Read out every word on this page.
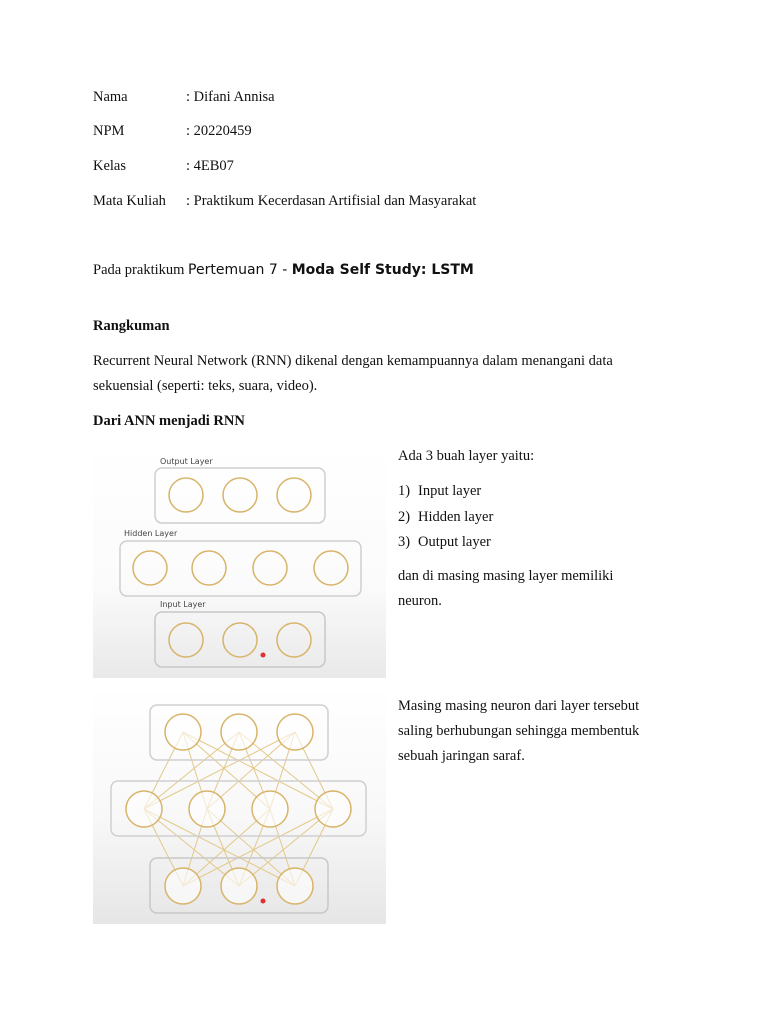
Nama	: Difani Annisa
NPM	: 20220459
Kelas	: 4EB07
Mata Kuliah : Praktikum Kecerdasan Artifisial dan Masyarakat
Pada praktikum Pertemuan 7 - Moda Self Study: LSTM
Rangkuman
Recurrent Neural Network (RNN) dikenal dengan kemampuannya dalam menangani data sekuensial (seperti: teks, suara, video).
Dari ANN menjadi RNN
Output Layer
Hidden Layer
Input Layer
Ada 3 buah layer yaitu:
1) Input layer
2) Hidden layer
3) Output layer
dan di masing masing layer memiliki neuron.
Masing masing neuron dari layer tersebut saling berhubungan sehingga membentuk sebuah jaringan saraf.
